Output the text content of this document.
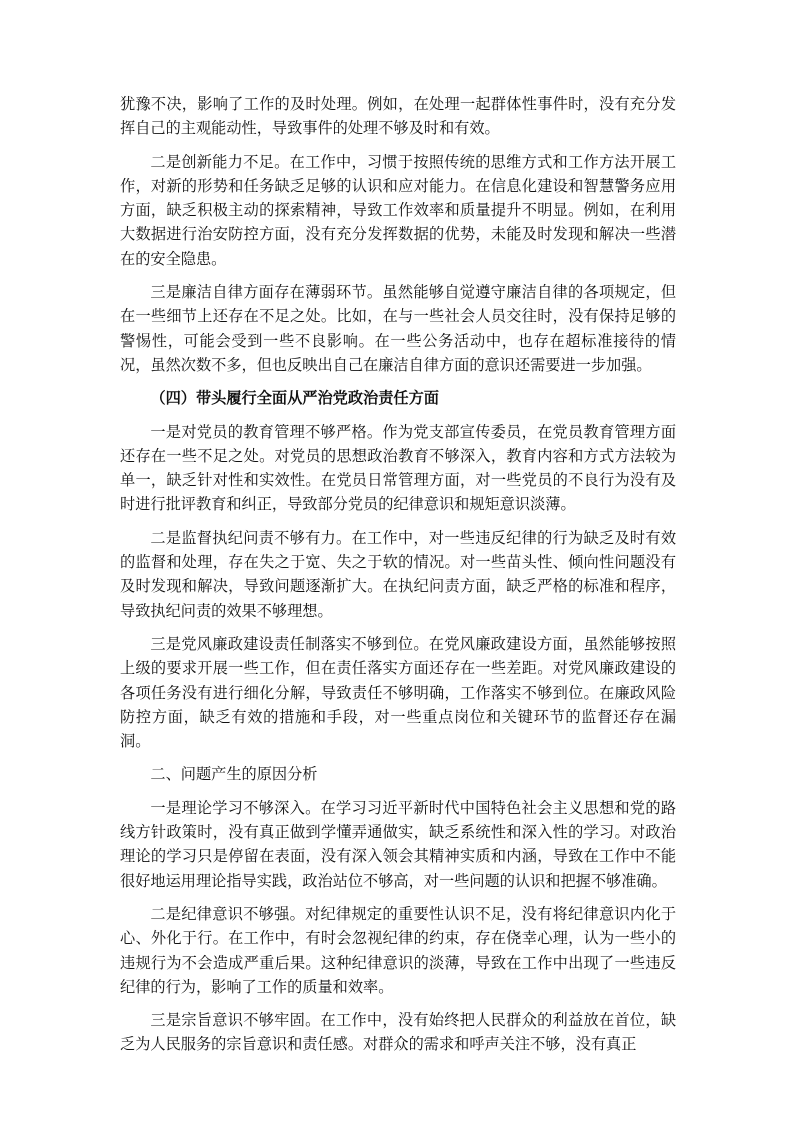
犹豫不决，影响了工作的及时处理。例如，在处理一起群体性事件时，没有充分发挥自己的主观能动性，导致事件的处理不够及时和有效。

二是创新能力不足。在工作中，习惯于按照传统的思维方式和工作方法开展工作，对新的形势和任务缺乏足够的认识和应对能力。在信息化建设和智慧警务应用方面，缺乏积极主动的探索精神，导致工作效率和质量提升不明显。例如，在利用大数据进行治安防控方面，没有充分发挥数据的优势，未能及时发现和解决一些潜在的安全隐患。

三是廉洁自律方面存在薄弱环节。虽然能够自觉遵守廉洁自律的各项规定，但在一些细节上还存在不足之处。比如，在与一些社会人员交往时，没有保持足够的警惕性，可能会受到一些不良影响。在一些公务活动中，也存在超标准接待的情况，虽然次数不多，但也反映出自己在廉洁自律方面的意识还需要进一步加强。

（四）带头履行全面从严治党政治责任方面

一是对党员的教育管理不够严格。作为党支部宣传委员，在党员教育管理方面还存在一些不足之处。对党员的思想政治教育不够深入，教育内容和方式方法较为单一，缺乏针对性和实效性。在党员日常管理方面，对一些党员的不良行为没有及时进行批评教育和纠正，导致部分党员的纪律意识和规矩意识淡薄。

二是监督执纪问责不够有力。在工作中，对一些违反纪律的行为缺乏及时有效的监督和处理，存在失之于宽、失之于软的情况。对一些苗头性、倾向性问题没有及时发现和解决，导致问题逐渐扩大。在执纪问责方面，缺乏严格的标准和程序，导致执纪问责的效果不够理想。

三是党风廉政建设责任制落实不够到位。在党风廉政建设方面，虽然能够按照上级的要求开展一些工作，但在责任落实方面还存在一些差距。对党风廉政建设的各项任务没有进行细化分解，导致责任不够明确，工作落实不够到位。在廉政风险防控方面，缺乏有效的措施和手段，对一些重点岗位和关键环节的监督还存在漏洞。

二、问题产生的原因分析

一是理论学习不够深入。在学习习近平新时代中国特色社会主义思想和党的路线方针政策时，没有真正做到学懂弄通做实，缺乏系统性和深入性的学习。对政治理论的学习只是停留在表面，没有深入领会其精神实质和内涵，导致在工作中不能很好地运用理论指导实践，政治站位不够高，对一些问题的认识和把握不够准确。

二是纪律意识不够强。对纪律规定的重要性认识不足，没有将纪律意识内化于心、外化于行。在工作中，有时会忽视纪律的约束，存在侥幸心理，认为一些小的违规行为不会造成严重后果。这种纪律意识的淡薄，导致在工作中出现了一些违反纪律的行为，影响了工作的质量和效率。

三是宗旨意识不够牢固。在工作中，没有始终把人民群众的利益放在首位，缺乏为人民服务的宗旨意识和责任感。对群众的需求和呼声关注不够，没有真正
